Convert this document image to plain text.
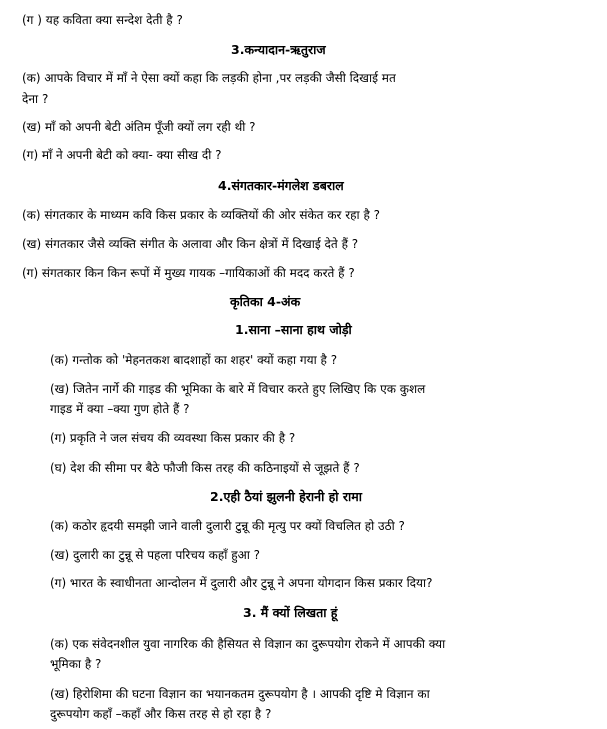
(ग ) यह कविता क्या सन्देश देती है ?
3.कन्यादान-ऋतुराज
(क) आपके विचार में माँ ने ऐसा क्यों कहा कि लड़की होना ,पर लड़की जैसी दिखाई मत
देना ?
(ख) माँ को अपनी बेटी अंतिम पूँजी क्यों लग रही थी ?
(ग) माँ ने अपनी बेटी को क्या- क्या सीख दी ?
4.संगतकार-मंगलेश डबराल
(क) संगतकार के माध्यम कवि किस प्रकार के व्यक्तियों की ओर संकेत कर रहा है ?
(ख) संगतकार जैसे व्यक्ति संगीत के अलावा और किन क्षेत्रों में दिखाई देते हैं ?
(ग) संगतकार किन किन रूपों में मुख्य गायक –गायिकाओं की मदद करते हैं ?
कृतिका 4-अंक
1.साना –साना हाथ जोड़ी
(क) गन्तोक को 'मेहनतकश बादशाहों का शहर' क्यों कहा गया है ?
(ख) जितेन नार्गे की गाइड की भूमिका के बारे में विचार करते हुए लिखिए कि एक कुशल
गाइड में क्या –क्या गुण होते हैं ?
(ग) प्रकृति ने जल संचय की व्यवस्था किस प्रकार की है ?
(घ) देश की सीमा पर बैठे फौजी किस तरह की कठिनाइयों से जूझते हैं ?
2.एही ठैयां झुलनी हेरानी हो रामा
(क) कठोर हृदयी समझी जाने वाली दुलारी टुन्नू की मृत्यु पर क्यों विचलित हो उठी ?
(ख) दुलारी का टुन्नू से पहला परिचय कहाँ हुआ ?
(ग) भारत के स्वाधीनता आन्दोलन में दुलारी और टुन्नू ने अपना योगदान किस प्रकार दिया?
3. मैं क्यों लिखता हूं
(क) एक संवेदनशील युवा नागरिक की हैसियत से विज्ञान का दुरूपयोग रोकने में आपकी क्या
भूमिका है ?
(ख) हिरोशिमा की घटना विज्ञान का भयानकतम दुरूपयोग है । आपकी दृष्टि मे विज्ञान का
दुरूपयोग कहाँ –कहाँ और किस तरह से हो रहा है ?
